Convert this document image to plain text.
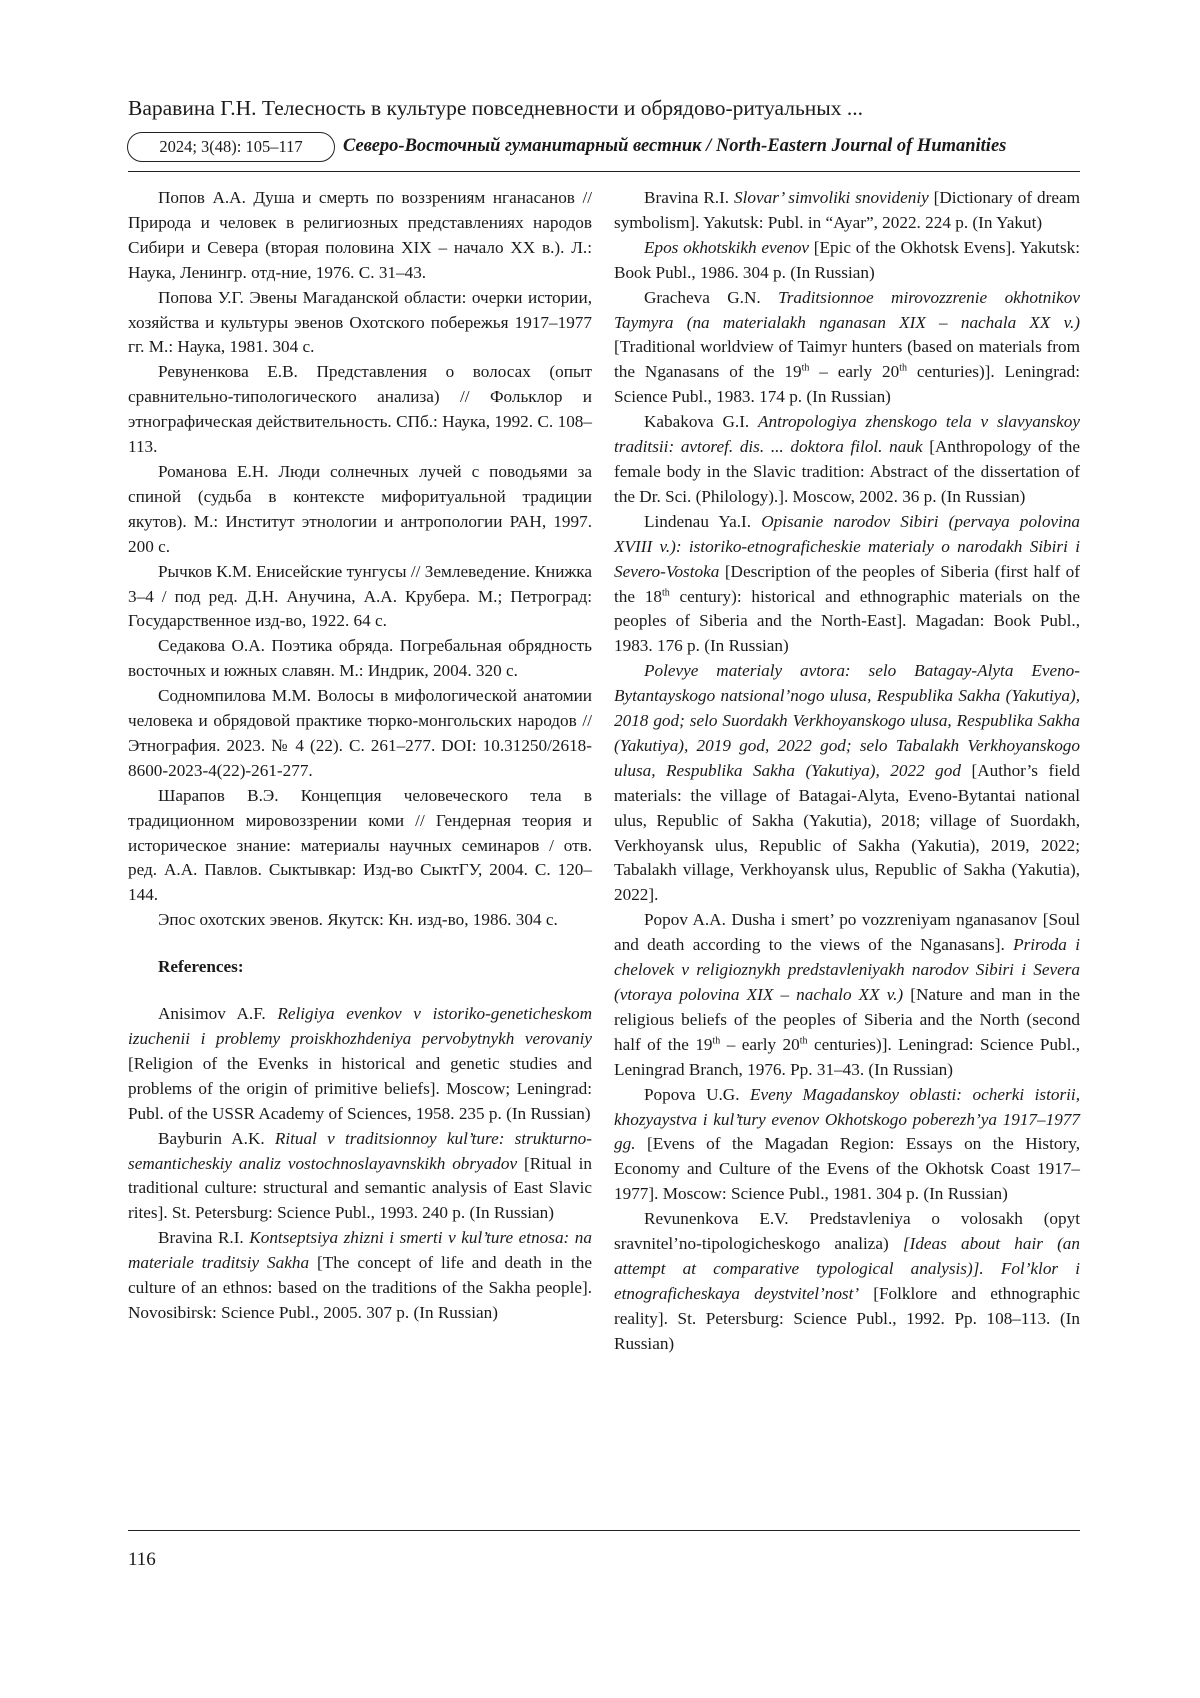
Варавина Г.Н. Телесность в культуре повседневности и обрядово-ритуальных ...
2024; 3(48): 105–117	Северо-Восточный гуманитарный вестник / North-Eastern Journal of Humanities

Попов А.А. Душа и смерть по воззрениям нганасанов // Природа и человек в религиозных представлениях народов Сибири и Севера (вторая половина XIX – начало XX в.). Л.: Наука, Ленингр. отд-ние, 1976. С. 31–43.

Попова У.Г. Эвены Магаданской области: очерки истории, хозяйства и культуры эвенов Охотского побережья 1917–1977 гг. М.: Наука, 1981. 304 с.

Ревуненкова Е.В. Представления о волосах (опыт сравнительно-типологического анализа) // Фольклор и этнографическая действительность. СПб.: Наука, 1992. С. 108–113.

Романова Е.Н. Люди солнечных лучей с поводьями за спиной (судьба в контексте мифоритуальной традиции якутов). М.: Институт этнологии и антропологии РАН, 1997. 200 с.

Рычков К.М. Енисейские тунгусы // Землеведение. Книжка 3–4 / под ред. Д.Н. Анучина, А.А. Крубера. М.; Петроград: Государственное изд-во, 1922. 64 с.

Седакова О.А. Поэтика обряда. Погребальная обрядность восточных и южных славян. М.: Индрик, 2004. 320 с.

Содномпилова М.М. Волосы в мифологической анатомии человека и обрядовой практике тюрко-монгольских народов // Этнография. 2023. № 4 (22). С. 261–277. DOI: 10.31250/2618-8600-2023-4(22)-261-277.

Шарапов В.Э. Концепция человеческого тела в традиционном мировоззрении коми // Гендерная теория и историческое знание: материалы научных семинаров / отв. ред. А.А. Павлов. Сыктывкар: Изд-во СыктГУ, 2004. С. 120–144.

Эпос охотских эвенов. Якутск: Кн. изд-во, 1986. 304 с.

References:

Anisimov A.F. Religiya evenkov v istoriko-geneticheskom izuchenii i problemy proiskhozhdeniya pervobytnykh verovaniy [Religion of the Evenks in historical and genetic studies and problems of the origin of primitive beliefs]. Moscow; Leningrad: Publ. of the USSR Academy of Sciences, 1958. 235 p. (In Russian)

Bayburin A.K. Ritual v traditsionnoy kul’ture: strukturno-semanticheskiy analiz vostochnoslayavnskikh obryadov [Ritual in traditional culture: structural and semantic analysis of East Slavic rites]. St. Petersburg: Science Publ., 1993. 240 p. (In Russian)

Bravina R.I. Kontseptsiya zhizni i smerti v kul’ture etnosa: na materiale traditsiy Sakha [The concept of life and death in the culture of an ethnos: based on the traditions of the Sakha people]. Novosibirsk: Science Publ., 2005. 307 p. (In Russian)

Bravina R.I. Slovar’ simvoliki snovideniy [Dictionary of dream symbolism]. Yakutsk: Publ. in “Ayar”, 2022. 224 p. (In Yakut)

Epos okhotskikh evenov [Epic of the Okhotsk Evens]. Yakutsk: Book Publ., 1986. 304 p. (In Russian)

Gracheva G.N. Traditsionnoe mirovozzrenie okhotnikov Taymyra (na materialakh nganasan XIX – nachala XX v.) [Traditional worldview of Taimyr hunters (based on materials from the Nganasans of the 19th – early 20th centuries)]. Leningrad: Science Publ., 1983. 174 p. (In Russian)

Kabakova G.I. Antropologiya zhenskogo tela v slavyanskoy traditsii: avtoref. dis. ... doktora filol. nauk [Anthropology of the female body in the Slavic tradition: Abstract of the dissertation of the Dr. Sci. (Philology).]. Moscow, 2002. 36 p. (In Russian)

Lindenau Ya.I. Opisanie narodov Sibiri (pervaya polovina XVIII v.): istoriko-etnograficheskie materialy o narodakh Sibiri i Severo-Vostoka [Description of the peoples of Siberia (first half of the 18th century): historical and ethnographic materials on the peoples of Siberia and the North-East]. Magadan: Book Publ., 1983. 176 p. (In Russian)

Polevye materialy avtora: selo Batagay-Alyta Eveno-Bytantayskogo natsional’nogo ulusa, Respublika Sakha (Yakutiya), 2018 god; selo Suordakh Verkhoyanskogo ulusa, Respublika Sakha (Yakutiya), 2019 god, 2022 god; selo Tabalakh Verkhoyanskogo ulusa, Respublika Sakha (Yakutiya), 2022 god [Author’s field materials: the village of Batagai-Alyta, Eveno-Bytantai national ulus, Republic of Sakha (Yakutia), 2018; village of Suordakh, Verkhoyansk ulus, Republic of Sakha (Yakutia), 2019, 2022; Tabalakh village, Verkhoyansk ulus, Republic of Sakha (Yakutia), 2022].

Popov A.A. Dusha i smert’ po vozzreniyam nganasanov [Soul and death according to the views of the Nganasans]. Priroda i chelovek v religioznykh predstavleniyakh narodov Sibiri i Severa (vtoraya polovina XIX – nachalo XX v.) [Nature and man in the religious beliefs of the peoples of Siberia and the North (second half of the 19th – early 20th centuries)]. Leningrad: Science Publ., Leningrad Branch, 1976. Pp. 31–43. (In Russian)

Popova U.G. Eveny Magadanskoy oblasti: ocherki istorii, khozyaystva i kul’tury evenov Okhotskogo poberezh’ya 1917–1977 gg. [Evens of the Magadan Region: Essays on the History, Economy and Culture of the Evens of the Okhotsk Coast 1917–1977]. Moscow: Science Publ., 1981. 304 p. (In Russian)

Revunenkova E.V. Predstavleniya o volosakh (opyt sravnitel’no-tipologicheskogo analiza) [Ideas about hair (an attempt at comparative typological analysis)]. Fol’klor i etnograficheskaya deystvitel’nost’ [Folklore and ethnographic reality]. St. Petersburg: Science Publ., 1992. Pp. 108–113. (In Russian)

116
